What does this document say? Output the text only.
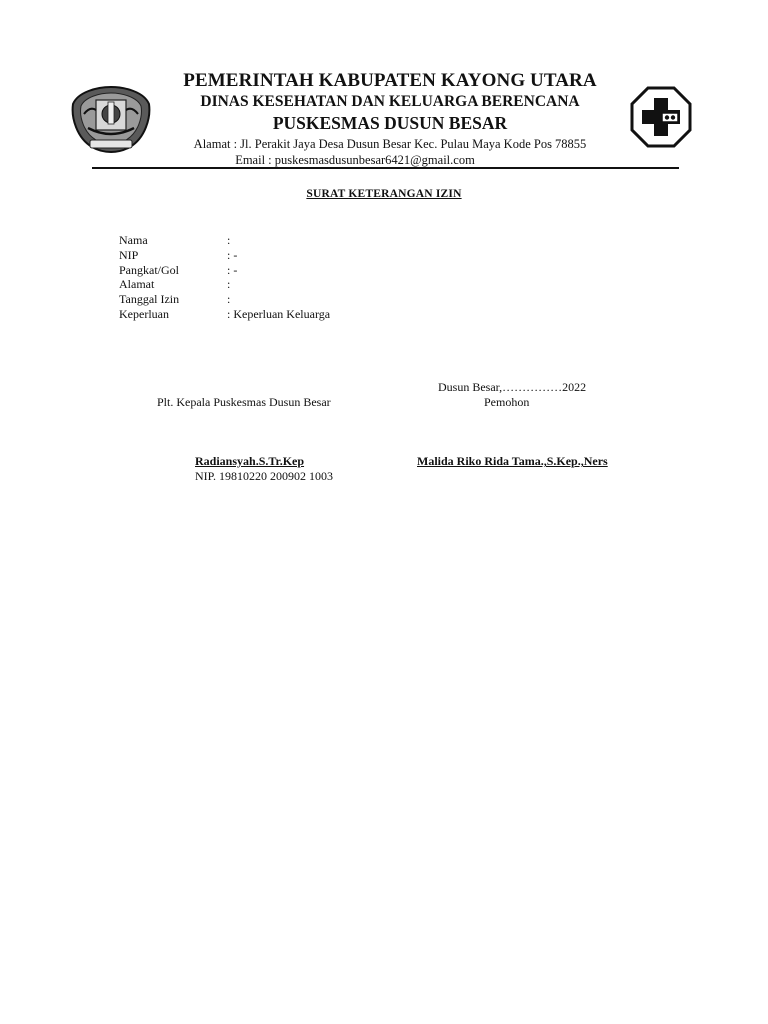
PEMERINTAH KABUPATEN KAYONG UTARA
DINAS KESEHATAN DAN KELUARGA BERENCANA
PUSKESMAS DUSUN BESAR
Alamat : Jl. Perakit Jaya Desa Dusun Besar Kec. Pulau Maya Kode Pos 78855
Email : puskesmasdusunbesar6421@gmail.com
SURAT KETERANGAN IZIN
Nama	:
NIP	: -
Pangkat/Gol	: -
Alamat	:
Tanggal Izin	:
Keperluan	: Keperluan Keluarga
Dusun Besar,……………2022
Plt. Kepala Puskesmas Dusun Besar	Pemohon
Radiansyah.S.Tr.Kep
NIP. 19810220 200902 1003
Malida Riko Rida Tama.,S.Kep.,Ners
